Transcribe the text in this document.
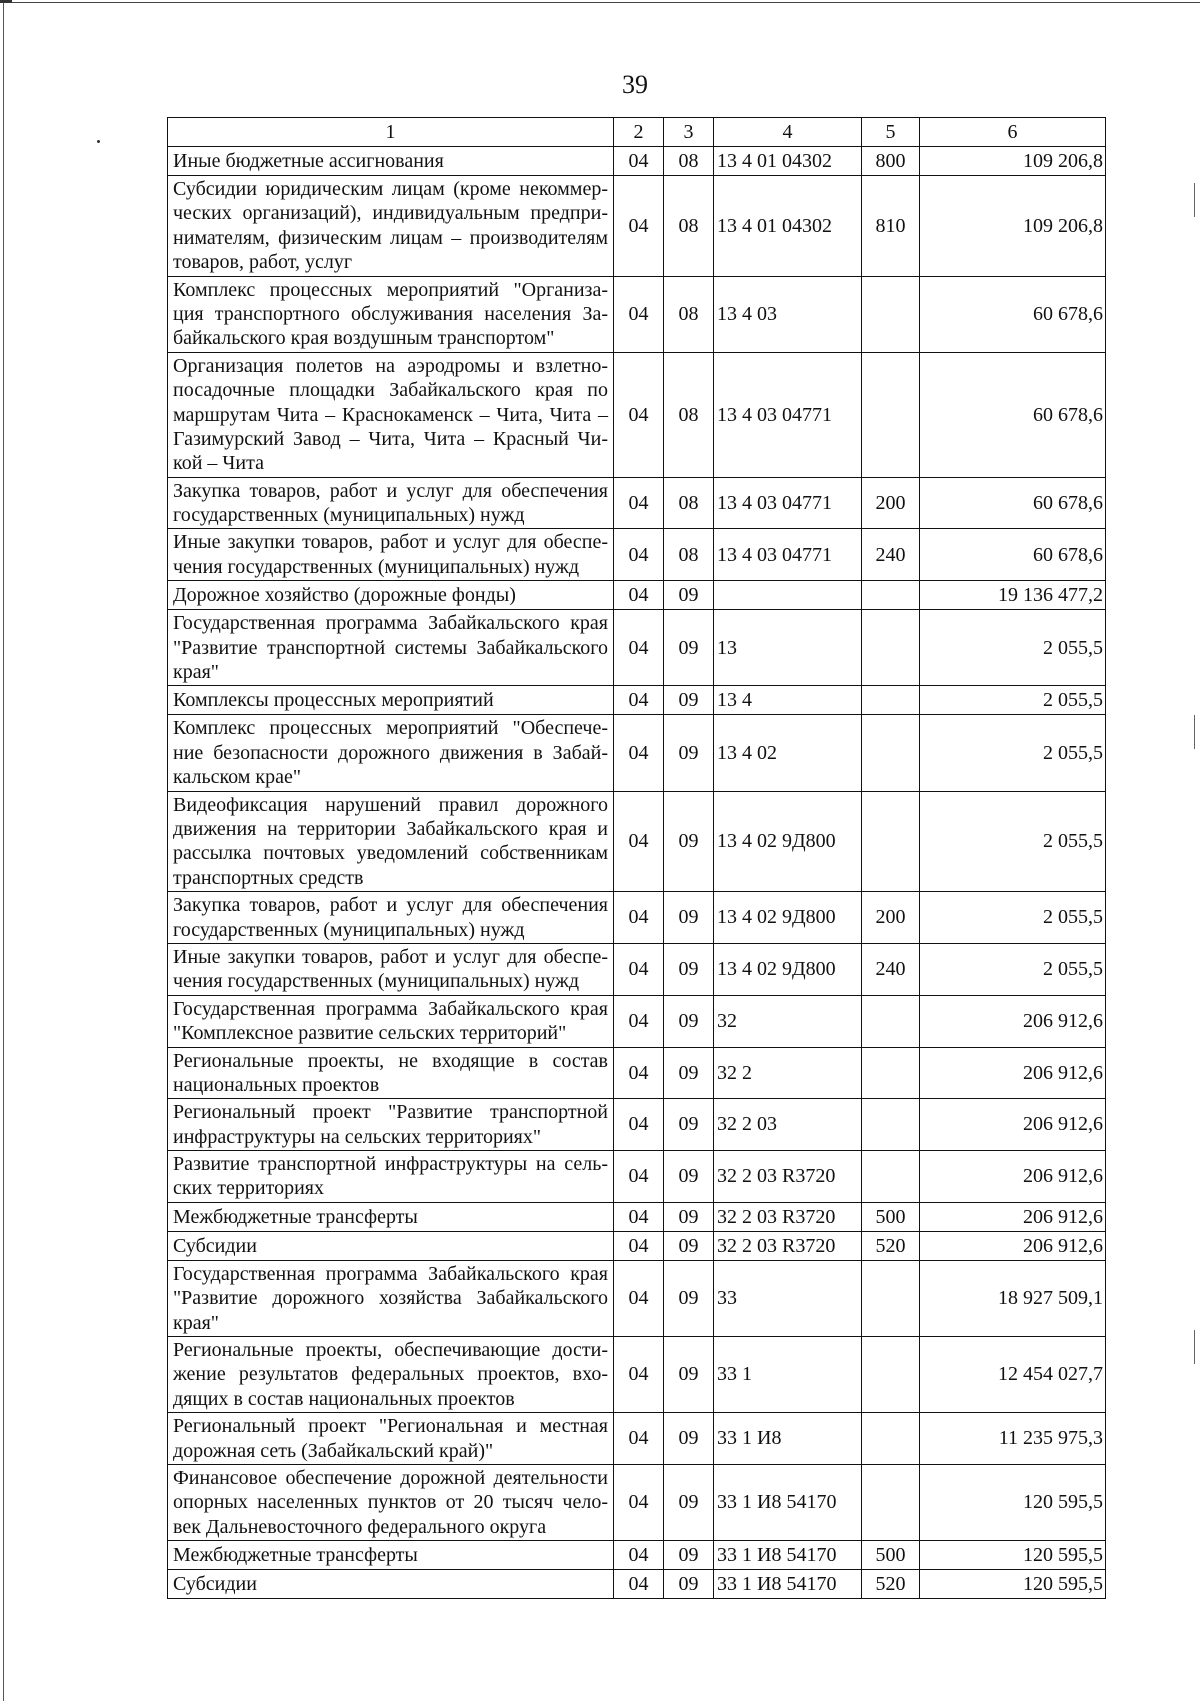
39
1	2	3	4	5	6
Иные бюджетные ассигнования	04	08	13 4 01 04302	800	109 206,8
Субсидии юридическим лицам (кроме некоммер-ческих организаций), индивидуальным предпри-нимателям, физическим лицам – производителям товаров, работ, услуг	04	08	13 4 01 04302	810	109 206,8
Комплекс процессных мероприятий "Организа-ция транспортного обслуживания населения За-байкальского края воздушным транспортом"	04	08	13 4 03		60 678,6
Организация полетов на аэродромы и взлетно-посадочные площадки Забайкальского края по маршрутам Чита – Краснокаменск – Чита, Чита – Газимурский Завод – Чита, Чита – Красный Чи-кой – Чита	04	08	13 4 03 04771		60 678,6
Закупка товаров, работ и услуг для обеспечения государственных (муниципальных) нужд	04	08	13 4 03 04771	200	60 678,6
Иные закупки товаров, работ и услуг для обеспе-чения государственных (муниципальных) нужд	04	08	13 4 03 04771	240	60 678,6
Дорожное хозяйство (дорожные фонды)	04	09			19 136 477,2
Государственная программа Забайкальского края "Развитие транспортной системы Забайкальского края"	04	09	13		2 055,5
Комплексы процессных мероприятий	04	09	13 4		2 055,5
Комплекс процессных мероприятий "Обеспече-ние безопасности дорожного движения в Забай-кальском крае"	04	09	13 4 02		2 055,5
Видеофиксация нарушений правил дорожного движения на территории Забайкальского края и рассылка почтовых уведомлений собственникам транспортных средств	04	09	13 4 02 9Д800		2 055,5
Закупка товаров, работ и услуг для обеспечения государственных (муниципальных) нужд	04	09	13 4 02 9Д800	200	2 055,5
Иные закупки товаров, работ и услуг для обеспе-чения государственных (муниципальных) нужд	04	09	13 4 02 9Д800	240	2 055,5
Государственная программа Забайкальского края "Комплексное развитие сельских территорий"	04	09	32		206 912,6
Региональные проекты, не входящие в состав национальных проектов	04	09	32 2		206 912,6
Региональный проект "Развитие транспортной инфраструктуры на сельских территориях"	04	09	32 2 03		206 912,6
Развитие транспортной инфраструктуры на сель-ских территориях	04	09	32 2 03 R3720		206 912,6
Межбюджетные трансферты	04	09	32 2 03 R3720	500	206 912,6
Субсидии	04	09	32 2 03 R3720	520	206 912,6
Государственная программа Забайкальского края "Развитие дорожного хозяйства Забайкальского края"	04	09	33		18 927 509,1
Региональные проекты, обеспечивающие дости-жение результатов федеральных проектов, вхо-дящих в состав национальных проектов	04	09	33 1		12 454 027,7
Региональный проект "Региональная и местная дорожная сеть (Забайкальский край)"	04	09	33 1 И8		11 235 975,3
Финансовое обеспечение дорожной деятельности опорных населенных пунктов от 20 тысяч чело-век Дальневосточного федерального округа	04	09	33 1 И8 54170		120 595,5
Межбюджетные трансферты	04	09	33 1 И8 54170	500	120 595,5
Субсидии	04	09	33 1 И8 54170	520	120 595,5
